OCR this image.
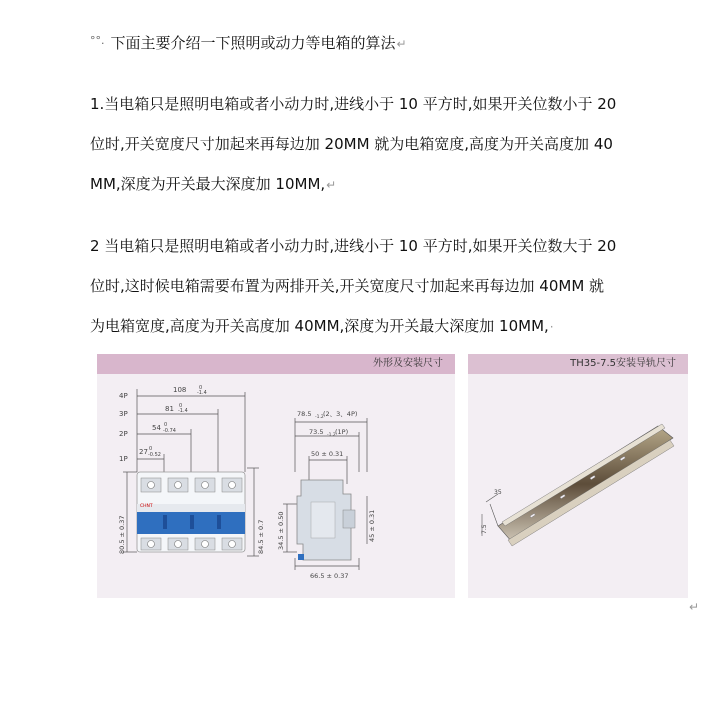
°°. 下面主要介绍一下照明或动力等电箱的算法↵
1.当电箱只是照明电箱或者小动力时,进线小于 10 平方时,如果开关位数小于 20
位时,开关宽度尺寸加起来再每边加 20MM 就为电箱宽度,高度为开关高度加 40
MM,深度为开关最大深度加 10MM,↵
2 当电箱只是照明电箱或者小动力时,进线小于 10 平方时,如果开关位数大于 20
位时,这时候电箱需要布置为两排开关,开关宽度尺寸加起来再每边加 40MM 就
为电箱宽度,高度为开关高度加 40MM,深度为开关最大深度加 10MM,·
外形及安装尺寸
CHNT
4P
3P
2P
1P
108	0
-1.4
81 0
-1.4
54 0
-0.74
27 0
-0.52
80.5 ± 0.37	84.5 ± 0.7
78.5 -1.2 (2、3、4P)
73.5 -1.2 (1P)
50 ± 0.31
34.5 ± 0.50	45 ± 0.31
66.5 ± 0.37
TH35-7.5安装导轨尺寸
35
7.5
↵
